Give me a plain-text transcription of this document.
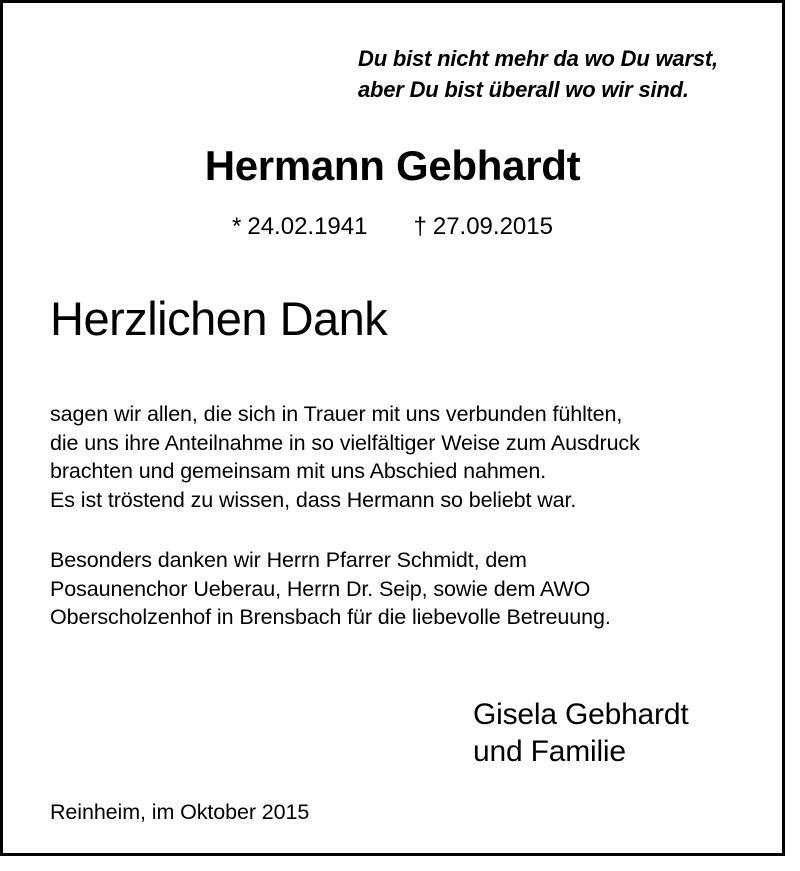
Du bist nicht mehr da wo Du warst,
aber Du bist überall wo wir sind.
Hermann Gebhardt
* 24.02.1941 † 27.09.2015
Herzlichen Dank
sagen wir allen, die sich in Trauer mit uns verbunden fühlten,
die uns ihre Anteilnahme in so vielfältiger Weise zum Ausdruck
brachten und gemeinsam mit uns Abschied nahmen.
Es ist tröstend zu wissen, dass Hermann so beliebt war.
Besonders danken wir Herrn Pfarrer Schmidt, dem
Posaunenchor Ueberau, Herrn Dr. Seip, sowie dem AWO
Oberscholzenhof in Brensbach für die liebevolle Betreuung.
Gisela Gebhardt
und Familie
Reinheim, im Oktober 2015
